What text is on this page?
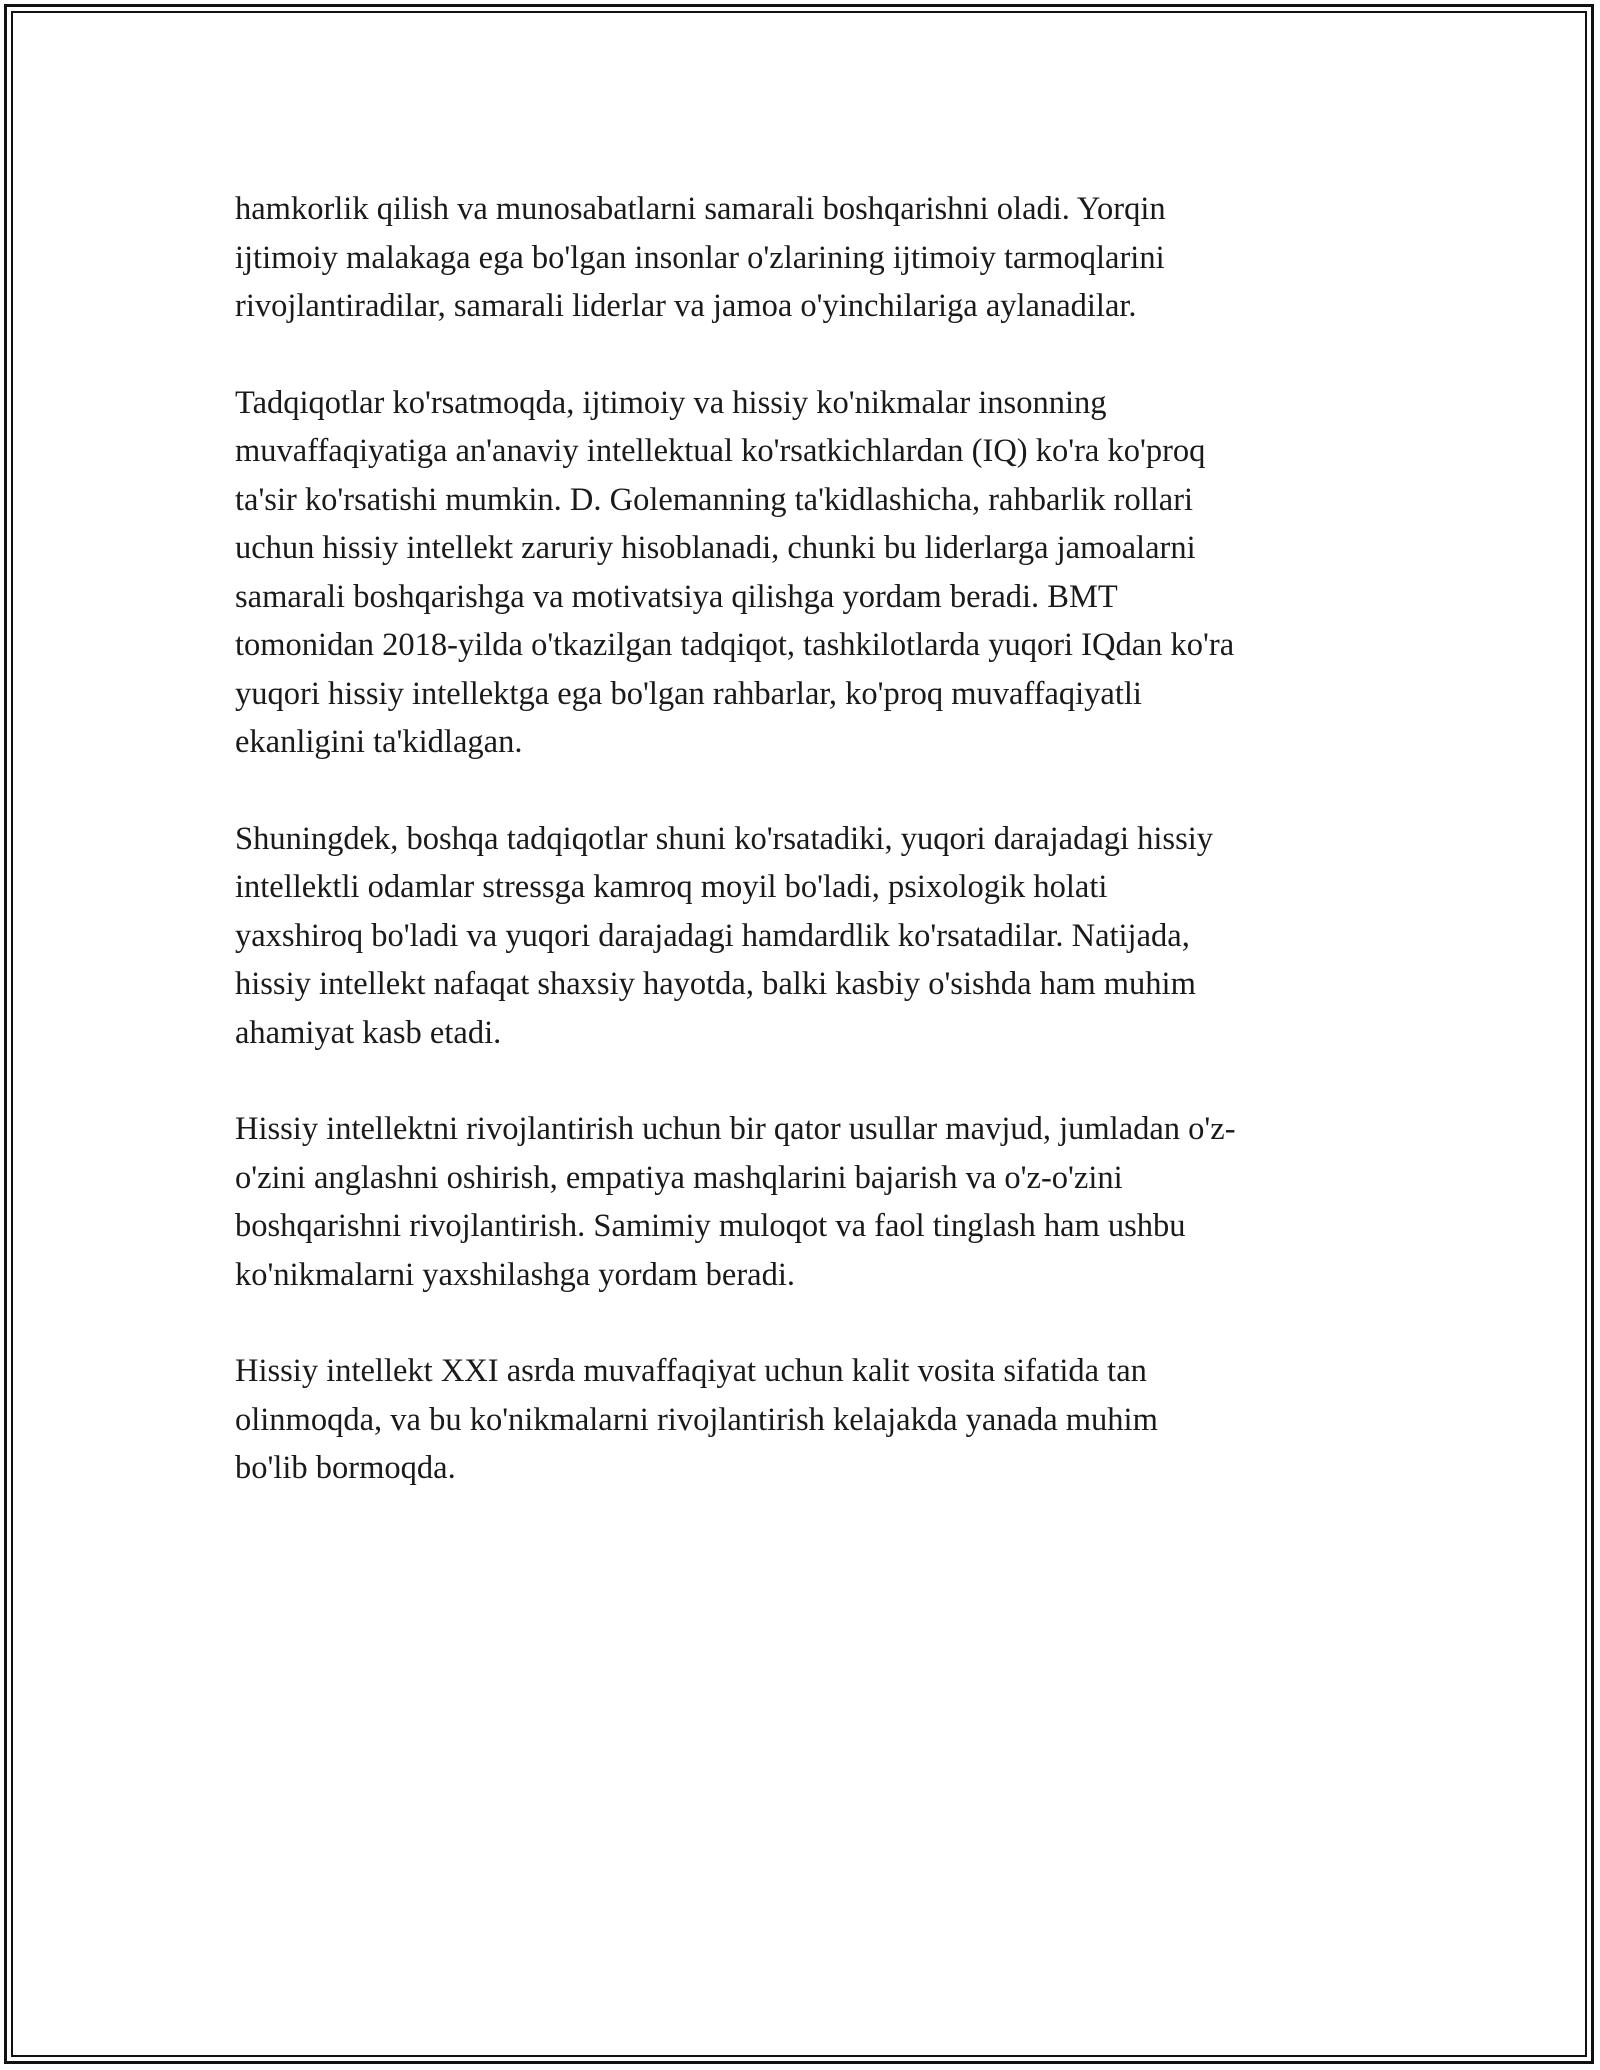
hamkorlik qilish va munosabatlarni samarali boshqarishni oladi. Yorqin
ijtimoiy malakaga ega bo'lgan insonlar o'zlarining ijtimoiy tarmoqlarini
rivojlantiradilar, samarali liderlar va jamoa o'yinchilariga aylanadilar.

Tadqiqotlar ko'rsatmoqda, ijtimoiy va hissiy ko'nikmalar insonning
muvaffaqiyatiga an'anaviy intellektual ko'rsatkichlardan (IQ) ko'ra ko'proq
ta'sir ko'rsatishi mumkin. D. Golemanning ta'kidlashicha, rahbarlik rollari
uchun hissiy intellekt zaruriy hisoblanadi, chunki bu liderlarga jamoalarni
samarali boshqarishga va motivatsiya qilishga yordam beradi. BMT
tomonidan 2018-yilda o'tkazilgan tadqiqot, tashkilotlarda yuqori IQdan ko'ra
yuqori hissiy intellektga ega bo'lgan rahbarlar, ko'proq muvaffaqiyatli
ekanligini ta'kidlagan.

Shuningdek, boshqa tadqiqotlar shuni ko'rsatadiki, yuqori darajadagi hissiy
intellektli odamlar stressga kamroq moyil bo'ladi, psixologik holati
yaxshiroq bo'ladi va yuqori darajadagi hamdardlik ko'rsatadilar. Natijada,
hissiy intellekt nafaqat shaxsiy hayotda, balki kasbiy o'sishda ham muhim
ahamiyat kasb etadi.

Hissiy intellektni rivojlantirish uchun bir qator usullar mavjud, jumladan o'z-
o'zini anglashni oshirish, empatiya mashqlarini bajarish va o'z-o'zini
boshqarishni rivojlantirish. Samimiy muloqot va faol tinglash ham ushbu
ko'nikmalarni yaxshilashga yordam beradi.

Hissiy intellekt XXI asrda muvaffaqiyat uchun kalit vosita sifatida tan
olinmoqda, va bu ko'nikmalarni rivojlantirish kelajakda yanada muhim
bo'lib bormoqda.
